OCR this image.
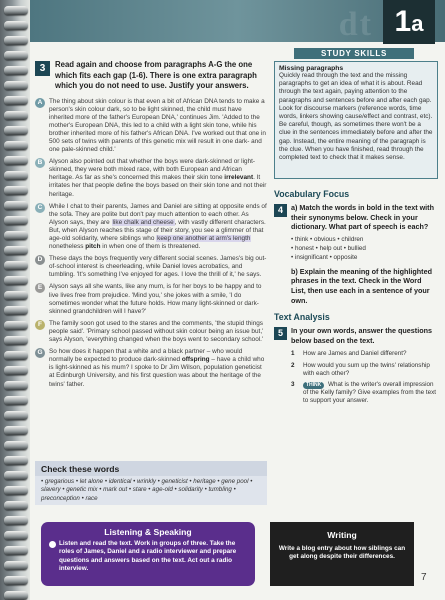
dt 1a
3	Read again and choose from paragraphs A-G the one which fits each gap (1-6). There is one extra paragraph which you do not need to use. Justify your answers.
A	The thing about skin colour is that even a bit of African DNA tends to make a person's skin colour dark, so to be light skinned, the child must have inherited more of the father's European DNA,' continues Jim. 'Added to the mother's European DNA, this led to a child with a light skin tone, while his brother inherited more of his father's African DNA. I've worked out that one in 500 sets of twins with parents of this genetic mix will result in one dark- and one pale-skinned child.'
B	Alyson also pointed out that whether the boys were dark-skinned or light-skinned, they were both mixed race, with both European and African heritage. As far as she's concerned this makes their skin tone irrelevant. It irritates her that people define the boys based on their skin tone and not their heritage.
C	While I chat to their parents, James and Daniel are sitting at opposite ends of the sofa. They are polite but don't pay much attention to each other. As Alyson says, they are like chalk and cheese, with vastly different characters. But, when Alyson reaches this stage of their story, you see a glimmer of that age-old solidarity, where siblings who keep one another at arm's length nonetheless pitch in when one of them is threatened.
D	These days the boys frequently very different social scenes. James's big out-of-school interest is cheerleading, while Daniel loves acrobatics, and tumbling. 'It's something I've enjoyed for ages. I love the thrill of it,' he says.
E	Alyson says all she wants, like any mum, is for her boys to be happy and to live lives free from prejudice. 'Mind you,' she jokes with a smile, 'I do sometimes wonder what the future holds. How many light-skinned or dark-skinned grandchildren will I have?'
F	The family soon got used to the stares and the comments, 'the stupid things people said'. 'Primary school passed without skin colour being an issue but,' says Alyson, 'everything changed when the boys went to secondary school.'
G	So how does it happen that a white and a black partner – who would normally be expected to produce dark-skinned offspring – have a child who is light-skinned as his mum? I spoke to Dr Jim Wilson, population geneticist at Edinburgh University, and his first question was about the heritage of the twins' father.
Check these words
• gregarious • let alone • identical • wrinkly • geneticist • heritage • gene pool • slavery • genetic mix • mark out • stare • age-old • solidarity • tumbling • preconception • race
STUDY SKILLS
Missing paragraphs
Quickly read through the text and the missing paragraphs to get an idea of what it is about. Read through the text again, paying attention to the paragraphs and sentences before and after each gap. Look for discourse markers (reference words, time words, linkers showing cause/effect and contrast, etc). Be careful, though, as sometimes there won't be a clue in the sentences immediately before and after the gap. Instead, the entire meaning of the paragraph is the clue. When you have finished, read through the completed text to check that it makes sense.
Vocabulary Focus
4	a) Match the words in bold in the text with their synonyms below. Check in your dictionary. What part of speech is each?
• think • obvious • children
• honest • help out • bullied
• insignificant • opposite
b) Explain the meaning of the highlighted phrases in the text. Check in the Word List, then use each in a sentence of your own.
Text Analysis
5	In your own words, answer the questions below based on the text.
1 How are James and Daniel different?
2 How would you sum up the twins' relationship with each other?
3 THINK What is the writer's overall impression of the Kelly family? Give examples from the text to support your answer.
Listening & Speaking
Listen and read the text. Work in groups of three. Take the roles of James, Daniel and a radio interviewer and prepare questions and answers based on the text. Act out a radio interview.
Writing
Write a blog entry about how siblings can get along despite their differences.
7
